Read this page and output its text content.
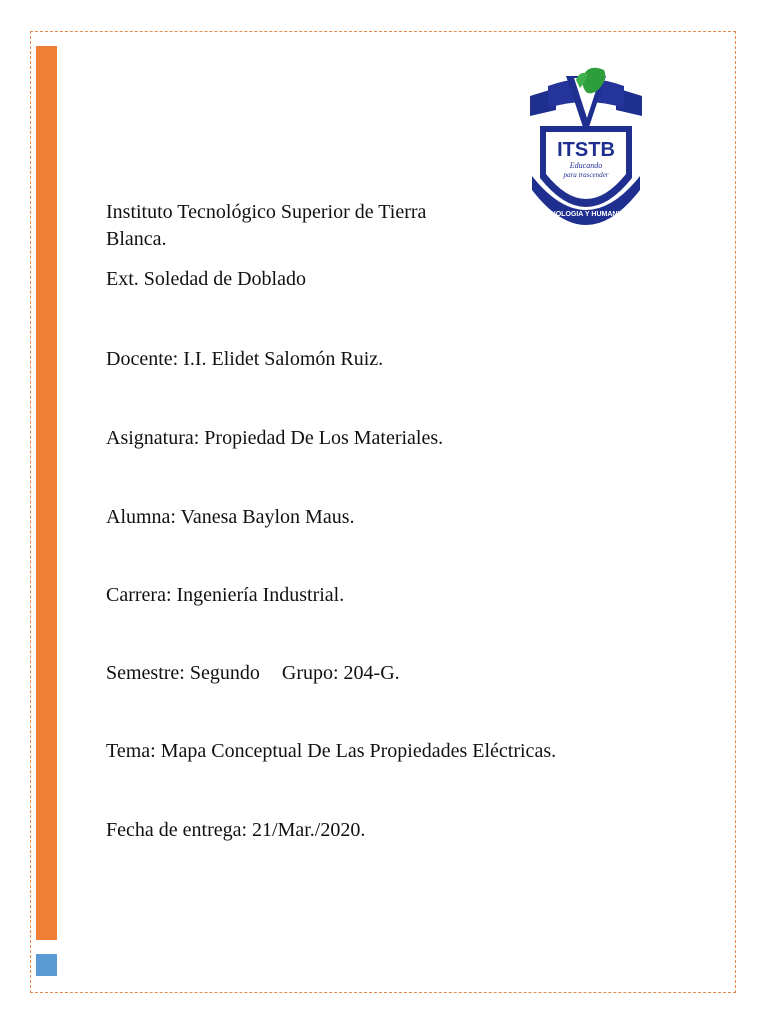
ITSTB
Educando
para trascender
TECNOLOGIA Y HUMANISMO
Instituto Tecnológico Superior de Tierra
Blanca.
Ext. Soledad de Doblado
Docente: I.I. Elidet Salomón Ruiz.
Asignatura: Propiedad De Los Materiales.
Alumna: Vanesa Baylon Maus.
Carrera: Ingeniería Industrial.
Semestre: Segundo Grupo: 204-G.
Tema: Mapa Conceptual De Las Propiedades Eléctricas.
Fecha de entrega: 21/Mar./2020.
